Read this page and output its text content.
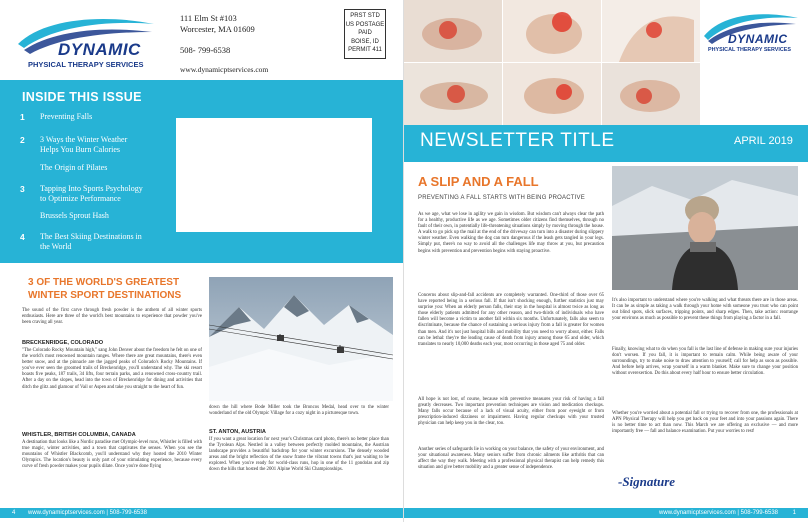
DYNAMIC
PHYSICAL THERAPY SERVICES
111 Elm St #103
Worcester, MA 01609
508- 799-6538
www.dynamicptservices.com
PRST STD
US POSTAGE
PAID
BOISE, ID
PERMIT 411
INSIDE THIS ISSUE
1 Preventing Falls
2 3 Ways the Winter Weather
Helps You Burn Calories
The Origin of Pilates
3 Tapping Into Sports Psychology
to Optimize Performance
Brussels Sprout Hash
4 The Best Skiing Destinations in
the World
3 OF THE WORLD'S GREATEST
WINTER SPORT DESTINATIONS
The sound of the first carve through fresh powder is the anthem of all winter sports enthusiasts. Here are three of the world's best mountains to experience that powder you've been craving all year.
BRECKENRIDGE, COLORADO
"The Colorado Rocky Mountain high," sang John Denver about the freedom he felt on one of the world's most renowned mountain ranges. Where there are great mountains, there's even better snow, and at the pinnacle are the jagged peaks of Colorado's Rocky Mountains. If you've ever seen the groomed trails of Breckenridge, you'll understand why. The ski resort boasts five peaks, 187 trails, 34 lifts, four terrain parks, and a renowned cross-country trail. After a day on the slopes, head into the town of Breckenridge for dining and activities that ditch the glitz and glamour of Vail or Aspen and take you straight to the heart of fun.
WHISTLER, BRITISH COLUMBIA, CANADA
A destination that looks like a Nordic paradise met Olympic-level runs, Whistler is filled with true magic, winter activities, and a town that captivates the senses. When you see the mountains of Whistler Blackcomb, you'll understand why they hosted the 2010 Winter Olympics. The location's beauty is only part of your stimulating experience, because every curve of fresh powder makes your pupils dilate. Once you're done flying
down the hill where Bode Miller took the Broncos Medal, head over to the winter wonderland of the old Olympic Village for a cozy night in a picturesque town.
ST. ANTON, AUSTRIA
If you want a great location for next year's Christmas card photo, there's no better place than the Tyrolean Alps. Nestled in a valley between perfectly molded mountains, the Austrian landscape provides a beautiful backdrop for your winter excursions. The densely wooded areas and the bright reflection of the snow frame the vibrant towns that's just waiting to be explored. When you're ready for world-class runs, hop in one of the 11 gondolas and zip down the hills that hosted the 2001 Alpine World Ski Championships.
4 www.dynamicptservices.com | 508-799-6538
DYNAMIC
PHYSICAL THERAPY SERVICES
NEWSLETTER TITLE	APRIL 2019
A SLIP AND A FALL
PREVENTING A FALL STARTS WITH BEING PROACTIVE
As we age, what we lose in agility we gain in wisdom. But wisdom can't always clear the path for a healthy, productive life as we age. Sometimes older citizens find themselves, through no fault of their own, in potentially life-threatening situations simply by moving through the house. A walk to go pick up the mail at the end of the driveway can turn into a disaster during slippery winter weather. Even walking the dog can turn dangerous if the leash gets tangled in your legs. Simply put, there's no way to avoid all the challenges life may throw at you, but precaution begins with prevention and prevention begins with staying proactive.
Concerns about slip-and-fall accidents are completely warranted. One-third of those over 65 have reported being in a serious fall. If that isn't shocking enough, further statistics just may surprise you: When an elderly person falls, their stay in the hospital is almost twice as long as those elderly patients admitted for any other reason, and two-thirds of individuals who have fallen will become a victim to another fall within six months. Unfortunately, falls also seem to discriminate, because the chance of sustaining a serious injury from a fall is greater for women than men. And it's not just hospital bills and mobility that you need to worry about, either. Falls can be lethal: they're the leading cause of death from injury among those 65 and older, which translates to nearly 10,000 deaths each year, most occurring in those aged 75 and older.
All hope is not lost, of course, because with preventive measures your risk of having a fall greatly decreases. Two important prevention techniques are vision and medication checkups. Many falls occur because of a lack of visual acuity, either from poor eyesight or from prescription-induced dizziness or impairment. Having regular checkups with your trusted physician can help keep you in the clear, too.
Another series of safeguards lie in working on your balance, the safety of your environment, and your situational awareness. Many seniors suffer from chronic ailments like arthritis that can affect the way they walk. Meeting with a professional physical therapist can help remedy this situation and give better mobility and a greater sense of independence.
It's also important to understand where you're walking and what threats there are in those areas. It can be as simple as taking a walk through your home with someone you trust who can point out blind spots, slick surfaces, tripping points, and sharp edges. Then, take action: rearrange your environs as much as possible to prevent these things from playing a factor in a fall.
Finally, knowing what to do when you fall is the last line of defense in making sure your injuries don't worsen. If you fall, it is important to remain calm. While being aware of your surroundings, try to make noise to draw attention to yourself; call for help as soon as possible. And before help arrives, wrap yourself in a warm blanket. Make sure to change your position without overexertion. Do this about every half hour to ensure better circulation.
Whether you're worried about a potential fall or trying to recover from one, the professionals at APN Physical Therapy will help you get back on your feet and into your passions again. There is no better time to act than now. This March we are offering an exclusive — and more importantly free — fall and balance examination. Put your worries to rest!
-Signature
www.dynamicptservices.com | 508-799-6538 1
